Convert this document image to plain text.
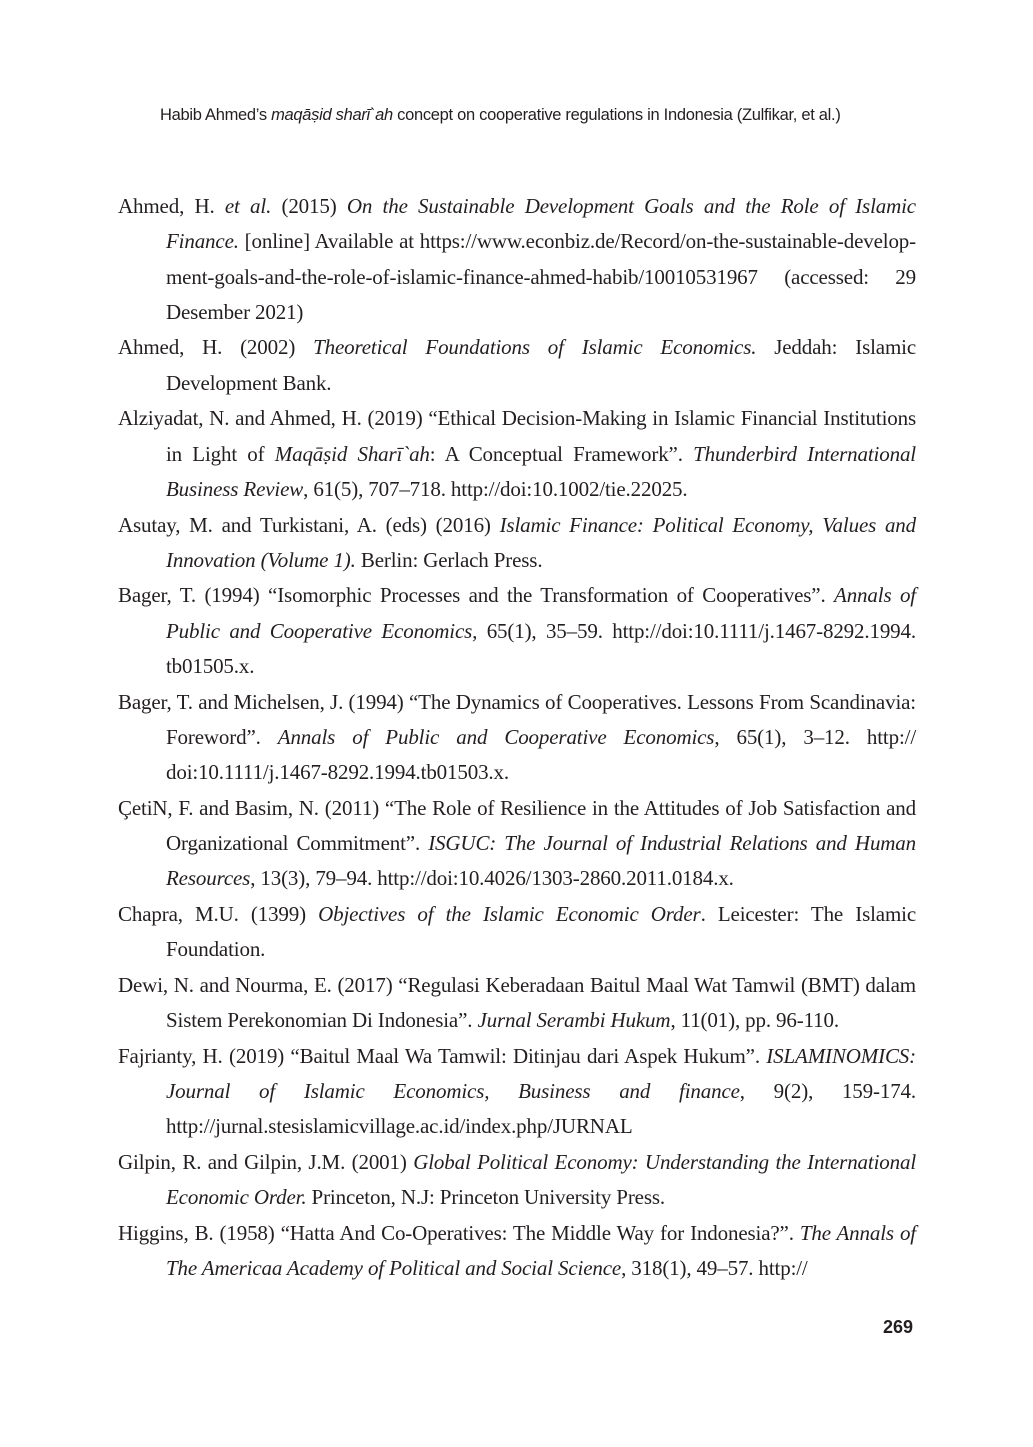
Habib Ahmed’s maqāṣid sharī`ah concept on cooperative regulations in Indonesia (Zulfikar, et al.)

Ahmed, H. et al. (2015) On the Sustainable Development Goals and the Role of Islamic Finance. [online] Available at https://www.econbiz.de/Record/on-the-sustainable-develop-ment-goals-and-the-role-of-islamic-finance-ahmed-habib/10010531967 (accessed: 29 Desember 2021)

Ahmed, H. (2002) Theoretical Foundations of Islamic Economics. Jeddah: Islamic Development Bank.

Alziyadat, N. and Ahmed, H. (2019) “Ethical Decision-Making in Islamic Financial Institutions in Light of Maqāṣid Sharī`ah: A Conceptual Framework”. Thunderbird International Business Review, 61(5), 707–718. http://doi:10.1002/tie.22025.

Asutay, M. and Turkistani, A. (eds) (2016) Islamic Finance: Political Economy, Values and Innovation (Volume 1). Berlin: Gerlach Press.

Bager, T. (1994) “Isomorphic Processes and the Transformation of Cooperatives”. Annals of Public and Cooperative Economics, 65(1), 35–59. http://doi:10.1111/j.1467-8292.1994. tb01505.x.

Bager, T. and Michelsen, J. (1994) “The Dynamics of Cooperatives. Lessons From Scandinavia: Foreword”. Annals of Public and Cooperative Economics, 65(1), 3–12. http:// doi:10.1111/j.1467-8292.1994.tb01503.x.

ÇetiN, F. and Basim, N. (2011) “The Role of Resilience in the Attitudes of Job Satisfaction and Organizational Commitment”. ISGUC: The Journal of Industrial Relations and Human Resources, 13(3), 79–94. http://doi:10.4026/1303-2860.2011.0184.x.

Chapra, M.U. (1399) Objectives of the Islamic Economic Order. Leicester: The Islamic Foundation.

Dewi, N. and Nourma, E. (2017) “Regulasi Keberadaan Baitul Maal Wat Tamwil (BMT) dalam Sistem Perekonomian Di Indonesia”. Jurnal Serambi Hukum, 11(01), pp. 96-110.

Fajrianty, H. (2019) “Baitul Maal Wa Tamwil: Ditinjau dari Aspek Hukum”. ISLAMINOMICS: Journal of Islamic Economics, Business and finance, 9(2), 159-174. http://jurnal.stesislamicvillage.ac.id/index.php/JURNAL

Gilpin, R. and Gilpin, J.M. (2001) Global Political Economy: Understanding the International Economic Order. Princeton, N.J: Princeton University Press.

Higgins, B. (1958) “Hatta And Co-Operatives: The Middle Way for Indonesia?”. The Annals of The Americaa Academy of Political and Social Science, 318(1), 49–57. http://

269
